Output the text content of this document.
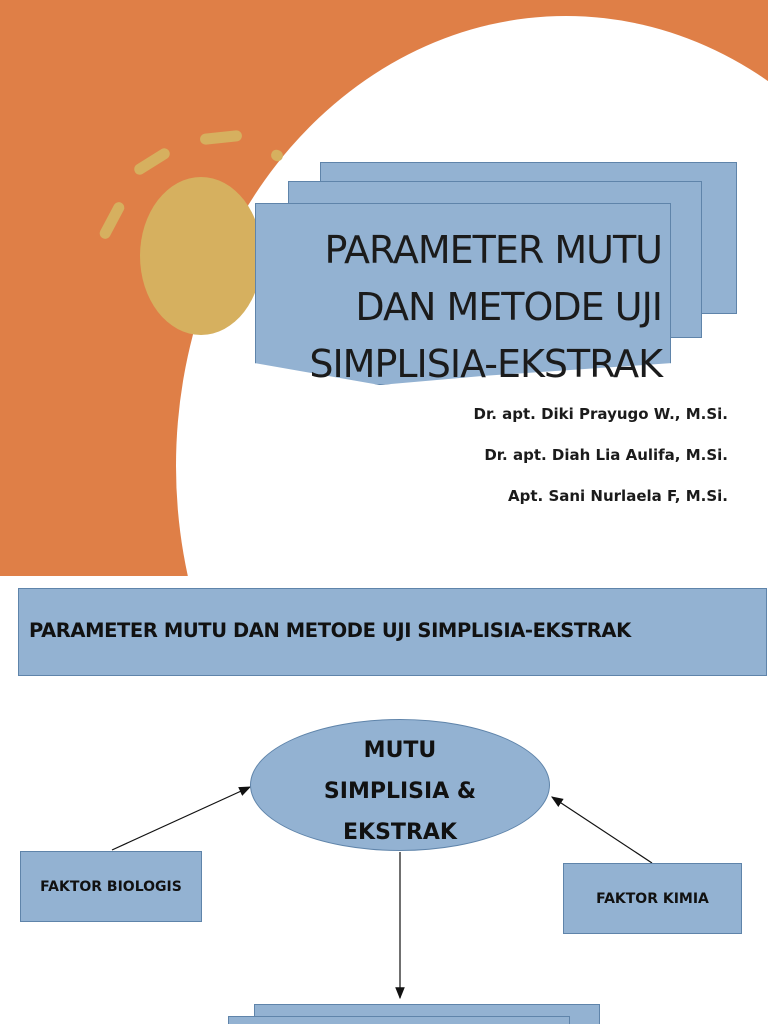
PARAMETER MUTU
DAN METODE UJI
SIMPLISIA-EKSTRAK
Dr. apt. Diki Prayugo W., M.Si.
Dr. apt. Diah Lia Aulifa, M.Si.
Apt. Sani Nurlaela F, M.Si.
PARAMETER MUTU DAN METODE UJI SIMPLISIA-EKSTRAK
MUTU
SIMPLISIA &
EKSTRAK
FAKTOR BIOLOGIS
FAKTOR KIMIA
